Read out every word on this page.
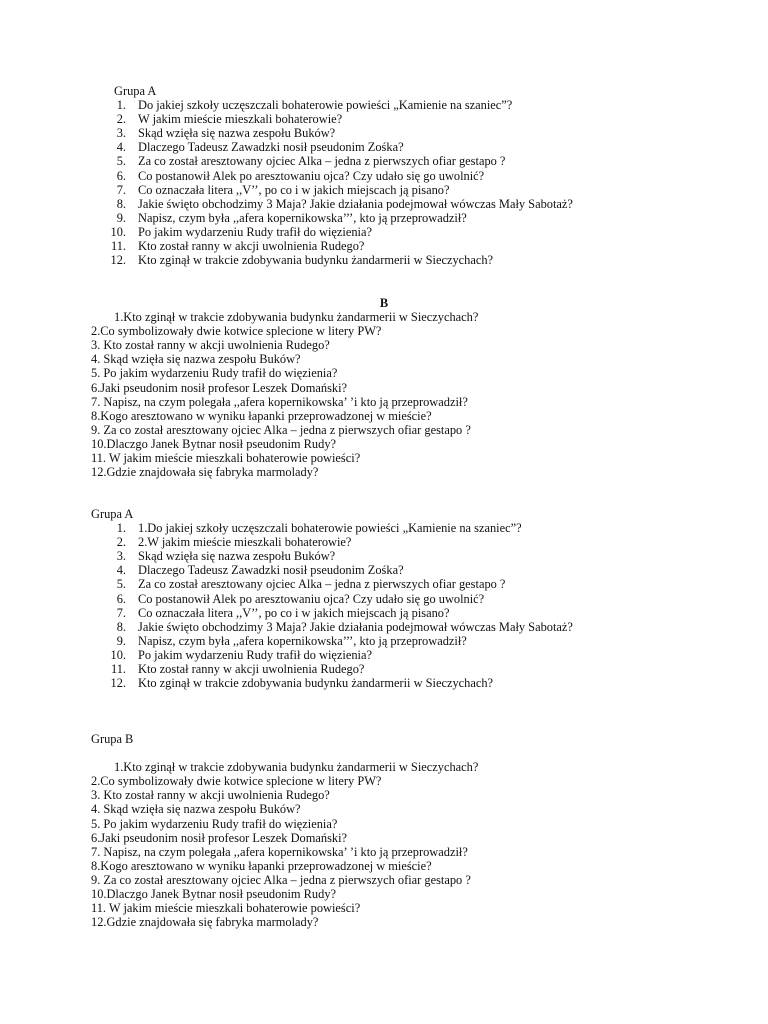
Grupa A
1. Do jakiej szkoły uczęszczali bohaterowie powieści „Kamienie na szaniec”?
2. W jakim mieście mieszkali bohaterowie?
3. Skąd wzięła się nazwa zespołu Buków?
4. Dlaczego Tadeusz Zawadzki nosił pseudonim Zośka?
5. Za co został aresztowany ojciec Alka – jedna z pierwszych ofiar gestapo ?
6. Co postanowił Alek po aresztowaniu ojca? Czy udało się go uwolnić?
7. Co oznaczała litera ,,V’’, po co i w jakich miejscach ją pisano?
8. Jakie święto obchodzimy 3 Maja? Jakie działania podejmował wówczas Mały Sabotaż?
9. Napisz, czym była ,,afera kopernikowska’’’, kto ją przeprowadził?
10. Po jakim wydarzeniu Rudy trafił do więzienia?
11. Kto został ranny w akcji uwolnienia Rudego?
12. Kto zginął w trakcie zdobywania budynku żandarmerii w Sieczychach?
B
1.Kto zginął w trakcie zdobywania budynku żandarmerii w Sieczychach?
2.Co symbolizowały dwie kotwice splecione w litery PW?
3. Kto został ranny w akcji uwolnienia Rudego?
4. Skąd wzięła się nazwa zespołu Buków?
5. Po jakim wydarzeniu Rudy trafił do więzienia?
6.Jaki pseudonim nosił profesor Leszek Domański?
7. Napisz, na czym polegała ,,afera kopernikowska’ ’i kto ją przeprowadził?
8.Kogo aresztowano w wyniku łapanki przeprowadzonej w mieście?
9. Za co został aresztowany ojciec Alka – jedna z pierwszych ofiar gestapo ?
10.Dlaczgo Janek Bytnar nosił pseudonim Rudy?
11. W jakim mieście mieszkali bohaterowie powieści?
12.Gdzie znajdowała się fabryka marmolady?
Grupa A
1. 1.Do jakiej szkoły uczęszczali bohaterowie powieści „Kamienie na szaniec”?
2. 2.W jakim mieście mieszkali bohaterowie?
3. Skąd wzięła się nazwa zespołu Buków?
4. Dlaczego Tadeusz Zawadzki nosił pseudonim Zośka?
5. Za co został aresztowany ojciec Alka – jedna z pierwszych ofiar gestapo ?
6. Co postanowił Alek po aresztowaniu ojca? Czy udało się go uwolnić?
7. Co oznaczała litera ,,V’’, po co i w jakich miejscach ją pisano?
8. Jakie święto obchodzimy 3 Maja? Jakie działania podejmował wówczas Mały Sabotaż?
9. Napisz, czym była ,,afera kopernikowska’’’, kto ją przeprowadził?
10. Po jakim wydarzeniu Rudy trafił do więzienia?
11. Kto został ranny w akcji uwolnienia Rudego?
12. Kto zginął w trakcie zdobywania budynku żandarmerii w Sieczychach?
Grupa B
1.Kto zginął w trakcie zdobywania budynku żandarmerii w Sieczychach?
2.Co symbolizowały dwie kotwice splecione w litery PW?
3. Kto został ranny w akcji uwolnienia Rudego?
4. Skąd wzięła się nazwa zespołu Buków?
5. Po jakim wydarzeniu Rudy trafił do więzienia?
6.Jaki pseudonim nosił profesor Leszek Domański?
7. Napisz, na czym polegała ,,afera kopernikowska’ ’i kto ją przeprowadził?
8.Kogo aresztowano w wyniku łapanki przeprowadzonej w mieście?
9. Za co został aresztowany ojciec Alka – jedna z pierwszych ofiar gestapo ?
10.Dlaczgo Janek Bytnar nosił pseudonim Rudy?
11. W jakim mieście mieszkali bohaterowie powieści?
12.Gdzie znajdowała się fabryka marmolady?
